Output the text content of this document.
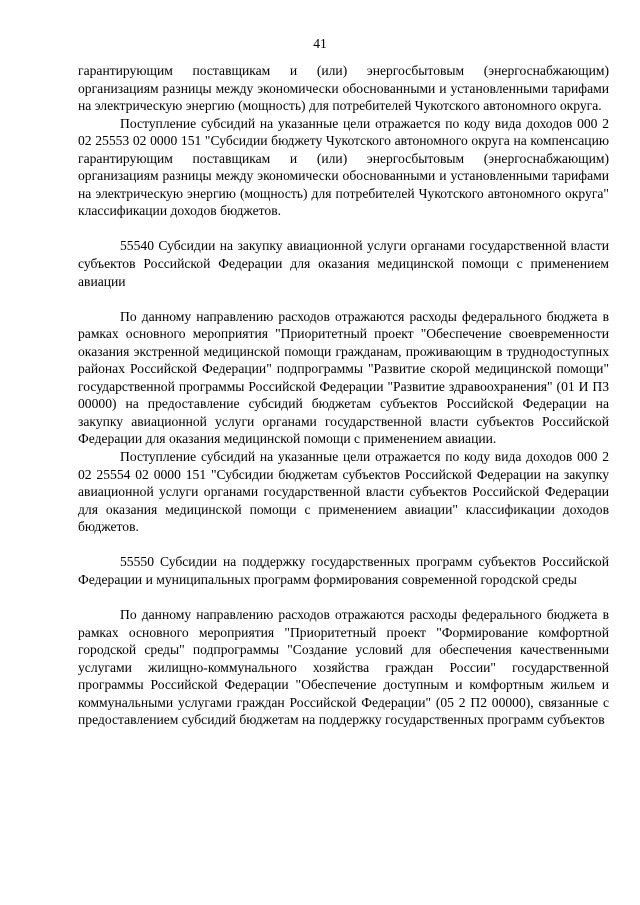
41

гарантирующим поставщикам и (или) энергосбытовым (энергоснабжающим) организациям разницы между экономически обоснованными и установленными тарифами на электрическую энергию (мощность) для потребителей Чукотского автономного округа.

Поступление субсидий на указанные цели отражается по коду вида доходов 000 2 02 25553 02 0000 151 "Субсидии бюджету Чукотского автономного округа на компенсацию гарантирующим поставщикам и (или) энергосбытовым (энергоснабжающим) организациям разницы между экономически обоснованными и установленными тарифами на электрическую энергию (мощность) для потребителей Чукотского автономного округа" классификации доходов бюджетов.

55540 Субсидии на закупку авиационной услуги органами государственной власти субъектов Российской Федерации для оказания медицинской помощи с применением авиации

По данному направлению расходов отражаются расходы федерального бюджета в рамках основного мероприятия "Приоритетный проект "Обеспечение своевременности оказания экстренной медицинской помощи гражданам, проживающим в труднодоступных районах Российской Федерации" подпрограммы "Развитие скорой медицинской помощи" государственной программы Российской Федерации "Развитие здравоохранения" (01 И П3 00000) на предоставление субсидий бюджетам субъектов Российской Федерации на закупку авиационной услуги органами государственной власти субъектов Российской Федерации для оказания медицинской помощи с применением авиации.

Поступление субсидий на указанные цели отражается по коду вида доходов 000 2 02 25554 02 0000 151 "Субсидии бюджетам субъектов Российской Федерации на закупку авиационной услуги органами государственной власти субъектов Российской Федерации для оказания медицинской помощи с применением авиации" классификации доходов бюджетов.

55550 Субсидии на поддержку государственных программ субъектов Российской Федерации и муниципальных программ формирования современной городской среды

По данному направлению расходов отражаются расходы федерального бюджета в рамках основного мероприятия "Приоритетный проект "Формирование комфортной городской среды" подпрограммы "Создание условий для обеспечения качественными услугами жилищно-коммунального хозяйства граждан России" государственной программы Российской Федерации "Обеспечение доступным и комфортным жильем и коммунальными услугами граждан Российской Федерации" (05 2 П2 00000), связанные с предоставлением субсидий бюджетам на поддержку государственных программ субъектов
